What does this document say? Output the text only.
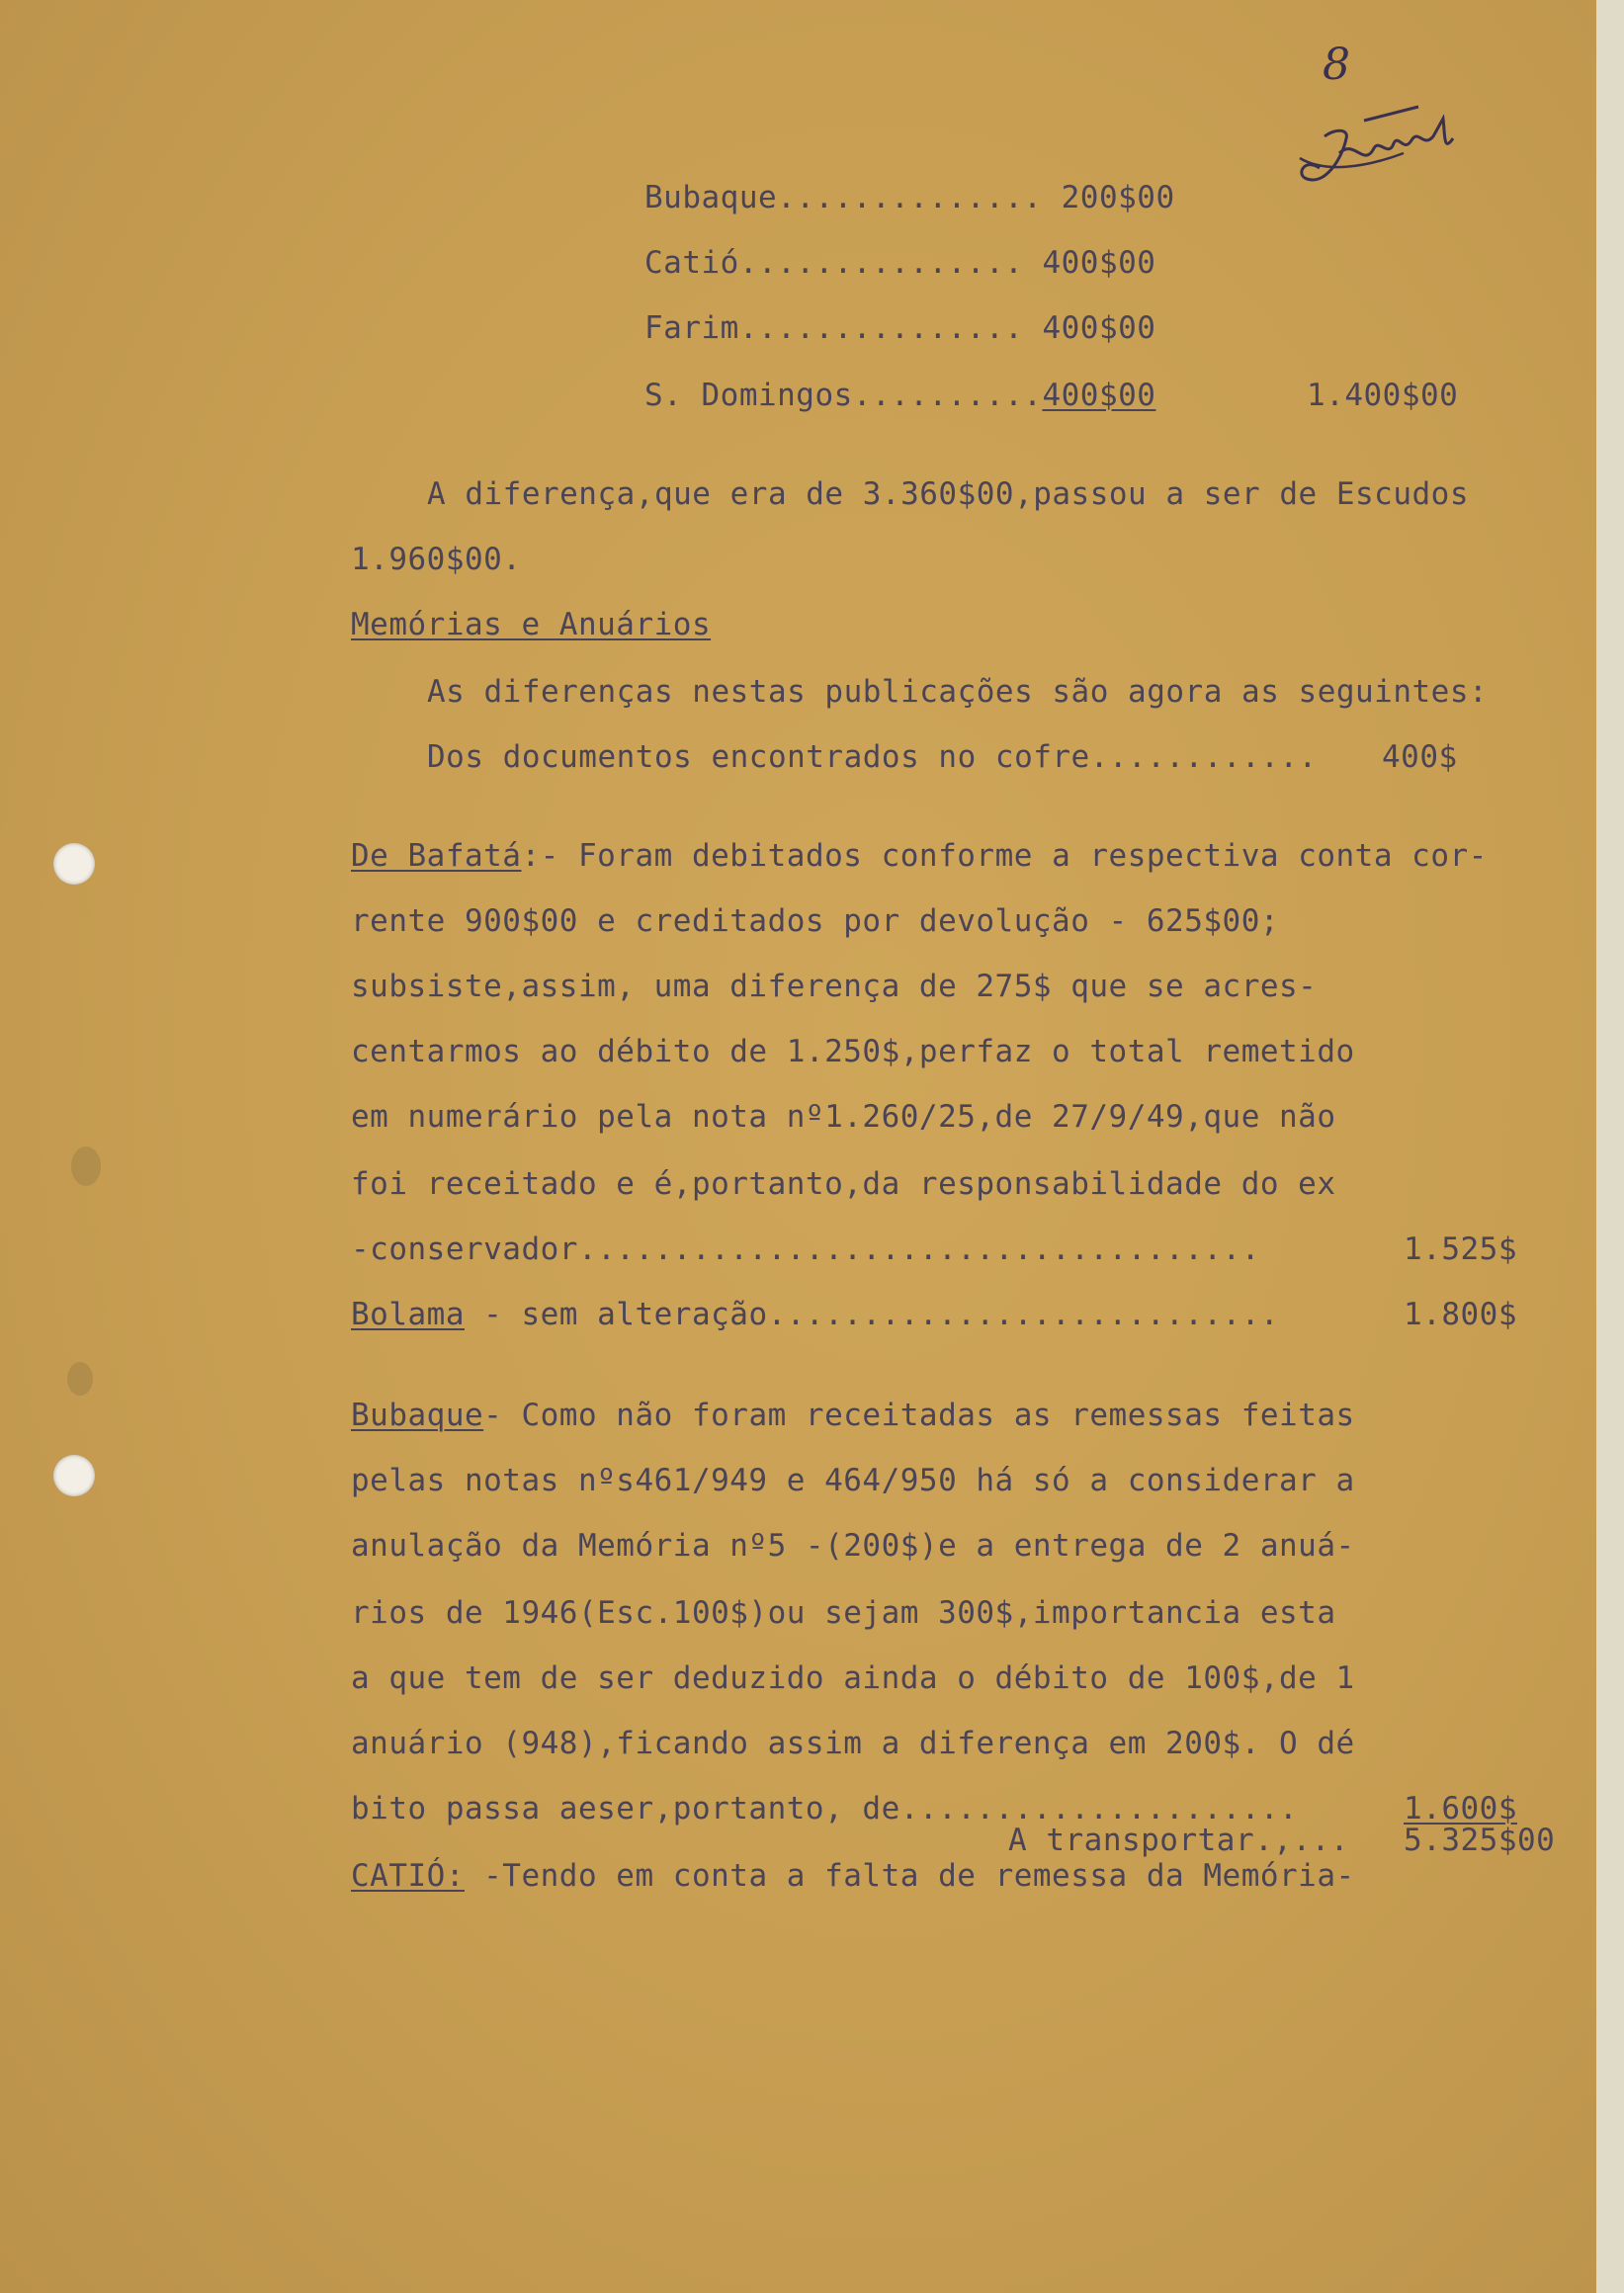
8
Bubaque.............. 200$00
Catió............... 400$00
Farim............... 400$00
S. Domingos..........400$00	1.400$00
A diferença,que era de 3.360$00,passou a ser de Escudos
1.960$00.
Memórias e Anuários
As diferenças nestas publicações são agora as seguintes:
Dos documentos encontrados no cofre............ 400$
De Bafatá:- Foram debitados conforme a respectiva conta cor-
rente 900$00 e creditados por devolução - 625$00;
subsiste,assim, uma diferença de 275$ que se acres-
centarmos ao débito de 1.250$,perfaz o total remetido
em numerário pela nota nº1.260/25,de 27/9/49,que não
foi receitado e é,portanto,da responsabilidade do ex
-conservador....................................	1.525$
Bolama - sem alteração...........................	1.800$
Bubaque- Como não foram receitadas as remessas feitas
pelas notas nºs461/949 e 464/950 há só a considerar a
anulação da Memória nº5 -(200$)e a entrega de 2 anuá-
rios de 1946(Esc.100$)ou sejam 300$,importancia esta
a que tem de ser deduzido ainda o débito de 100$,de 1
anuário (948),ficando assim a diferença em 200$. O dé
bito passa aeser,portanto, de.....................	1.600$
A transportar.,... 5.325$00
CATIÓ: -Tendo em conta a falta de remessa da Memória-
